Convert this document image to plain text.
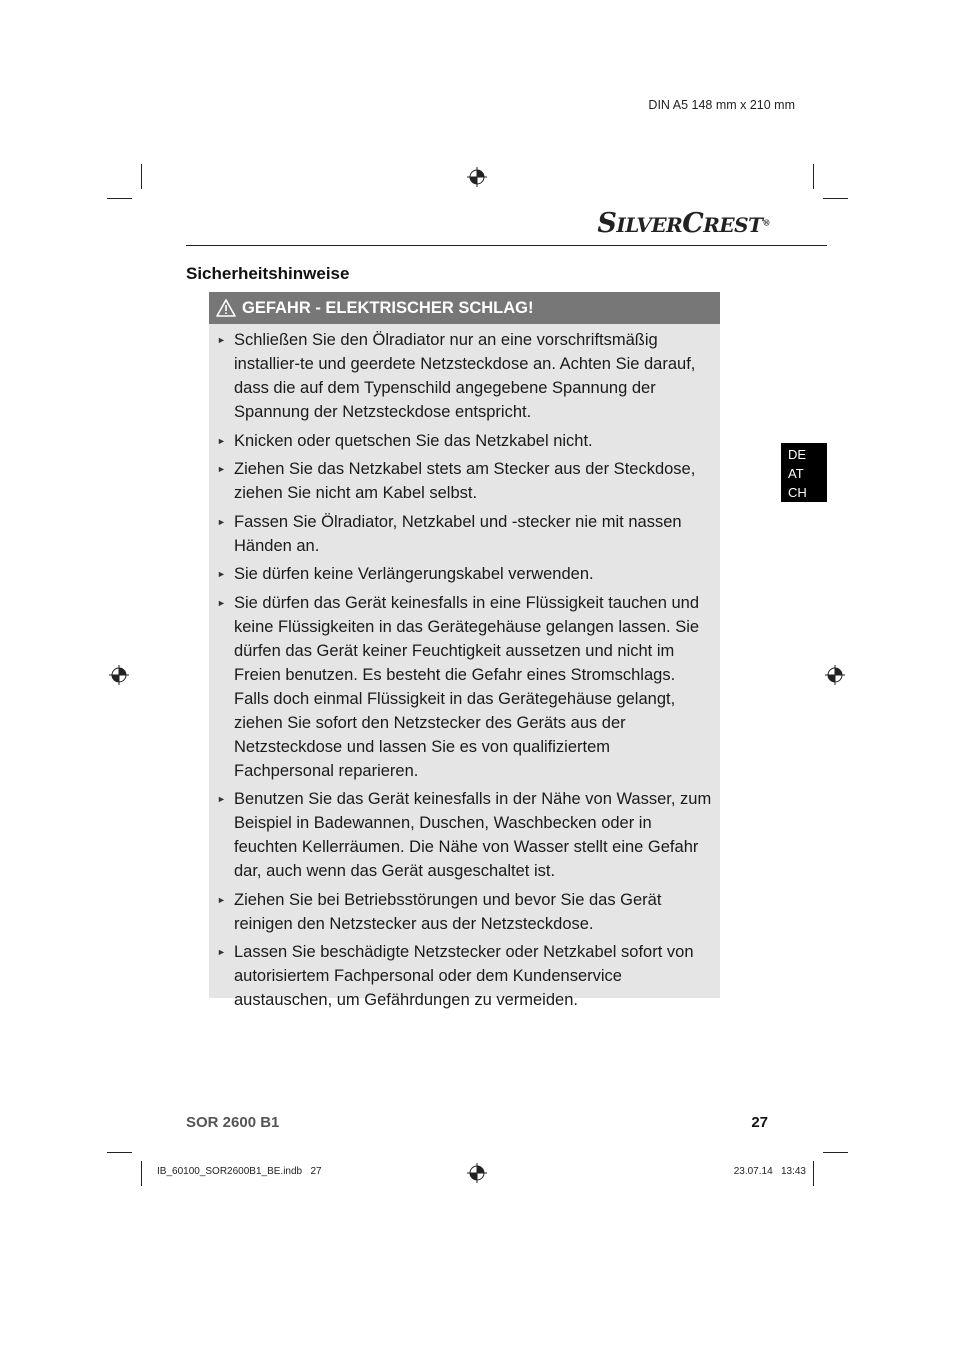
DIN A5 148 mm x 210 mm
SILVERCREST®
Sicherheitshinweise
GEFAHR - ELEKTRISCHER SCHLAG!
► Schließen Sie den Ölradiator nur an eine vorschriftsmäßig installier-te und geerdete Netzsteckdose an. Achten Sie darauf, dass die auf dem Typenschild angegebene Spannung der Spannung der Netzsteckdose entspricht.
► Knicken oder quetschen Sie das Netzkabel nicht.
► Ziehen Sie das Netzkabel stets am Stecker aus der Steckdose, ziehen Sie nicht am Kabel selbst.
► Fassen Sie Ölradiator, Netzkabel und -stecker nie mit nassen Händen an.
► Sie dürfen keine Verlängerungskabel verwenden.
► Sie dürfen das Gerät keinesfalls in eine Flüssigkeit tauchen und keine Flüssigkeiten in das Gerätegehäuse gelangen lassen. Sie dürfen das Gerät keiner Feuchtigkeit aussetzen und nicht im Freien benutzen. Es besteht die Gefahr eines Stromschlags. Falls doch einmal Flüssigkeit in das Gerätegehäuse gelangt, ziehen Sie sofort den Netzstecker des Geräts aus der Netzsteckdose und lassen Sie es von qualifiziertem Fachpersonal reparieren.
► Benutzen Sie das Gerät keinesfalls in der Nähe von Wasser, zum Beispiel in Badewannen, Duschen, Waschbecken oder in feuchten Kellerräumen. Die Nähe von Wasser stellt eine Gefahr dar, auch wenn das Gerät ausgeschaltet ist.
► Ziehen Sie bei Betriebsstörungen und bevor Sie das Gerät reinigen den Netzstecker aus der Netzsteckdose.
► Lassen Sie beschädigte Netzstecker oder Netzkabel sofort von autorisiertem Fachpersonal oder dem Kundenservice austauschen, um Gefährdungen zu vermeiden.
DE
AT
CH
SOR 2600 B1	27
IB_60100_SOR2600B1_BE.indb   27	23.07.14   13:43
